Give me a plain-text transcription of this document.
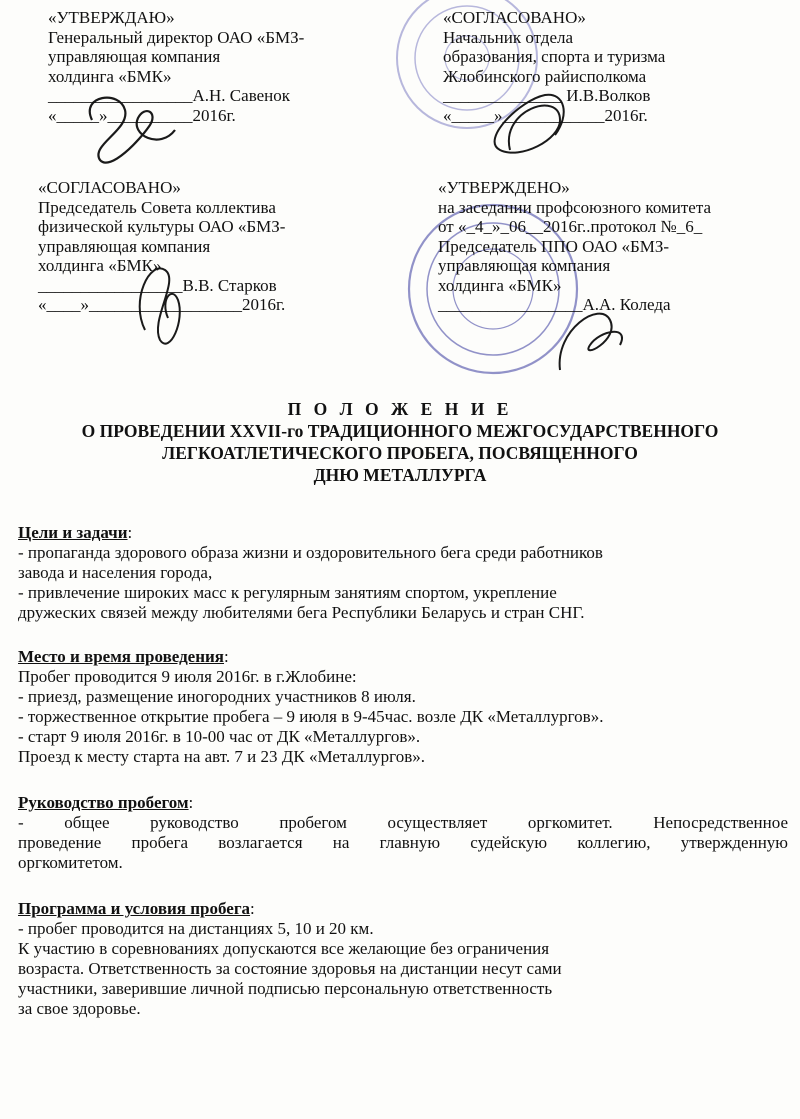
«УТВЕРЖДАЮ»
Генеральный директор ОАО «БМЗ-
управляющая компания
холдинга «БМК»
_________________А.Н. Савенок
«_____»__________2016г.
«СОГЛАСОВАНО»
Начальник отдела
образования, спорта и туризма
Жлобинского райисполкома
______________ И.В.Волков
«_____»____________2016г.
«СОГЛАСОВАНО»
Председатель Совета коллектива
физической культуры ОАО «БМЗ-
управляющая компания
холдинга «БМК»
_________________В.В. Старков
«____»__________________2016г.
«УТВЕРЖДЕНО»
на заседании профсоюзного комитета
от «_4_»_06__2016г..протокол №_6_
Председатель ППО ОАО «БМЗ-
управляющая компания
холдинга «БМК»
_________________А.А. Коледа
П О Л О Ж Е Н И Е
О ПРОВЕДЕНИИ XXVII-го ТРАДИЦИОННОГО МЕЖГОСУДАРСТВЕННОГО
ЛЕГКОАТЛЕТИЧЕСКОГО ПРОБЕГА, ПОСВЯЩЕННОГО
ДНЮ МЕТАЛЛУРГА
Цели и задачи:
- пропаганда здорового образа жизни и оздоровительного бега среди работников
завода и населения города,
- привлечение широких масс к регулярным занятиям спортом, укрепление
дружеских связей между любителями бега Республики Беларусь и стран СНГ.
Место и время проведения:
Пробег проводится 9 июля 2016г. в г.Жлобине:
- приезд, размещение иногородних участников 8 июля.
- торжественное открытие пробега – 9 июля в 9-45час. возле ДК «Металлургов».
- старт 9 июля 2016г. в 10-00 час от ДК «Металлургов».
Проезд к месту старта на авт. 7 и 23 ДК «Металлургов».
Руководство пробегом:
- общее руководство пробегом осуществляет оргкомитет. Непосредственное
проведение пробега возлагается на главную судейскую коллегию, утвержденную
оргкомитетом.
Программа и условия пробега:
- пробег проводится на дистанциях 5, 10 и 20 км.
К участию в соревнованиях допускаются все желающие без ограничения
возраста. Ответственность за состояние здоровья на дистанции несут сами
участники, заверившие личной подписью персональную ответственность
за свое здоровье.
